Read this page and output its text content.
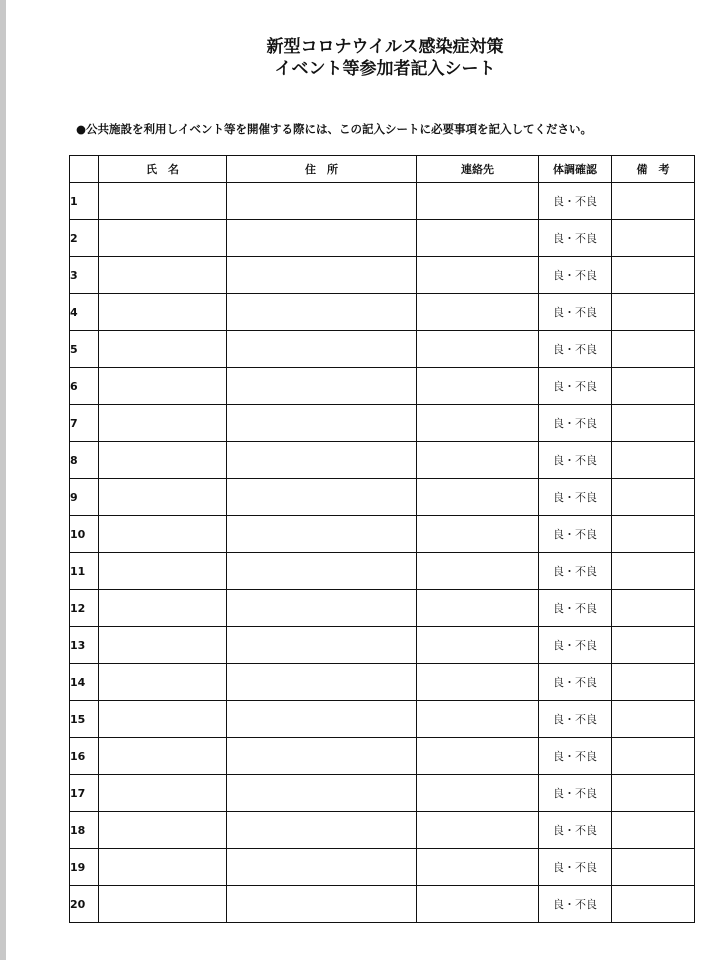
新型コロナウイルス感染症対策
イベント等参加者記入シート
●公共施設を利用しイベント等を開催する際には、この記入シートに必要事項を記入してください。
	氏　名	住　所	連絡先	体調確認	備　考
1				良・不良	
2				良・不良	
3				良・不良	
4				良・不良	
5				良・不良	
6				良・不良	
7				良・不良	
8				良・不良	
9				良・不良	
10				良・不良	
11				良・不良	
12				良・不良	
13				良・不良	
14				良・不良	
15				良・不良	
16				良・不良	
17				良・不良	
18				良・不良	
19				良・不良	
20				良・不良	
